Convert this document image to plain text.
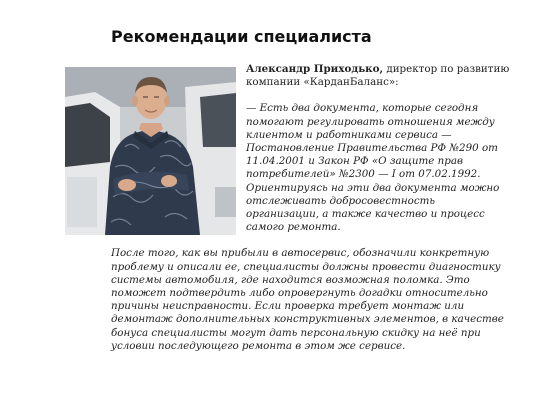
Рекомендации специалиста

Александр Приходько, директор по развитию компании «КарданБаланс»:

— Есть два документа, которые сегодня помогают регулировать отношения между клиентом и работниками сервиса — Постановление Правительства РФ №290 от 11.04.2001 и Закон РФ «О защите прав потребителей» №2300 — I от 07.02.1992. Ориентируясь на эти два документа можно отслеживать добросовестность организации, а также качество и процесс самого ремонта.

После того, как вы прибыли в автосервис, обозначили конкретную проблему и описали ее, специалисты должны провести диагностику системы автомобиля, где находится возможная поломка. Это поможет подтвердить либо опровергнуть догадки относительно причины неисправности. Если проверка требует монтаж или демонтаж дополнительных конструктивных элементов, в качестве бонуса специалисты могут дать персональную скидку на неё при условии последующего ремонта в этом же сервисе.
